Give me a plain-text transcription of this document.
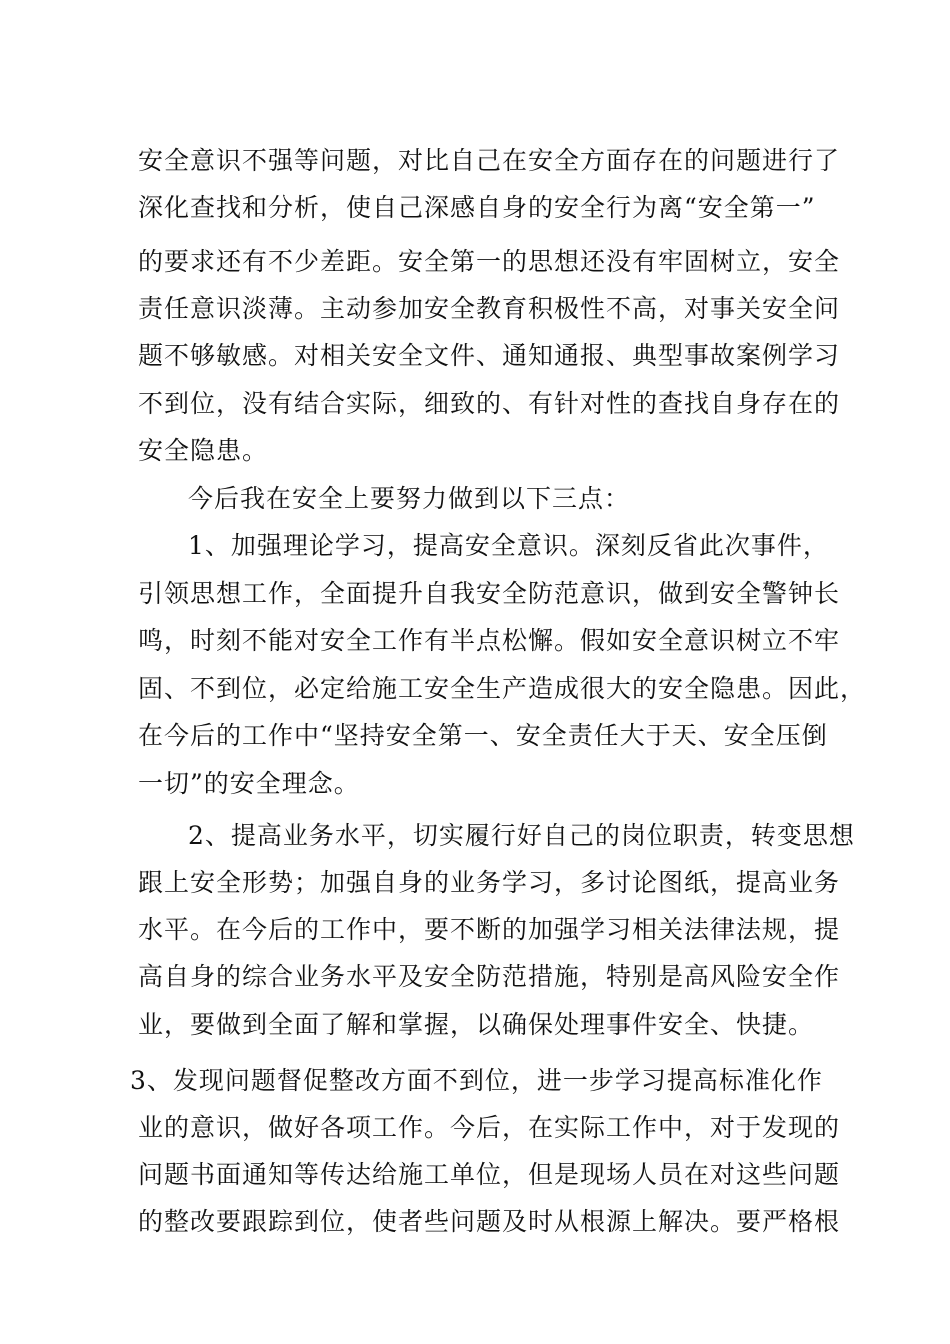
安全意识不强等问题，对比自己在安全方面存在的问题进行了
深化查找和分析，使自己深感自身的安全行为离“安全第一”
的要求还有不少差距。安全第一的思想还没有牢固树立，安全
责任意识淡薄。主动参加安全教育积极性不高，对事关安全问
题不够敏感。对相关安全文件、通知通报、典型事故案例学习
不到位，没有结合实际，细致的、有针对性的查找自身存在的
安全隐患。
今后我在安全上要努力做到以下三点：
1、加强理论学习，提高安全意识。深刻反省此次事件，
引领思想工作，全面提升自我安全防范意识，做到安全警钟长
鸣，时刻不能对安全工作有半点松懈。假如安全意识树立不牢
固、不到位，必定给施工安全生产造成很大的安全隐患。因此，
在今后的工作中“坚持安全第一、安全责任大于天、安全压倒
一切”的安全理念。
2、提高业务水平，切实履行好自己的岗位职责，转变思想
跟上安全形势；加强自身的业务学习，多讨论图纸，提高业务
水平。在今后的工作中，要不断的加强学习相关法律法规，提
高自身的综合业务水平及安全防范措施，特别是高风险安全作
业，要做到全面了解和掌握，以确保处理事件安全、快捷。
3、发现问题督促整改方面不到位，进一步学习提高标准化作
业的意识，做好各项工作。今后，在实际工作中，对于发现的
问题书面通知等传达给施工单位，但是现场人员在对这些问题
的整改要跟踪到位，使者些问题及时从根源上解决。要严格根
